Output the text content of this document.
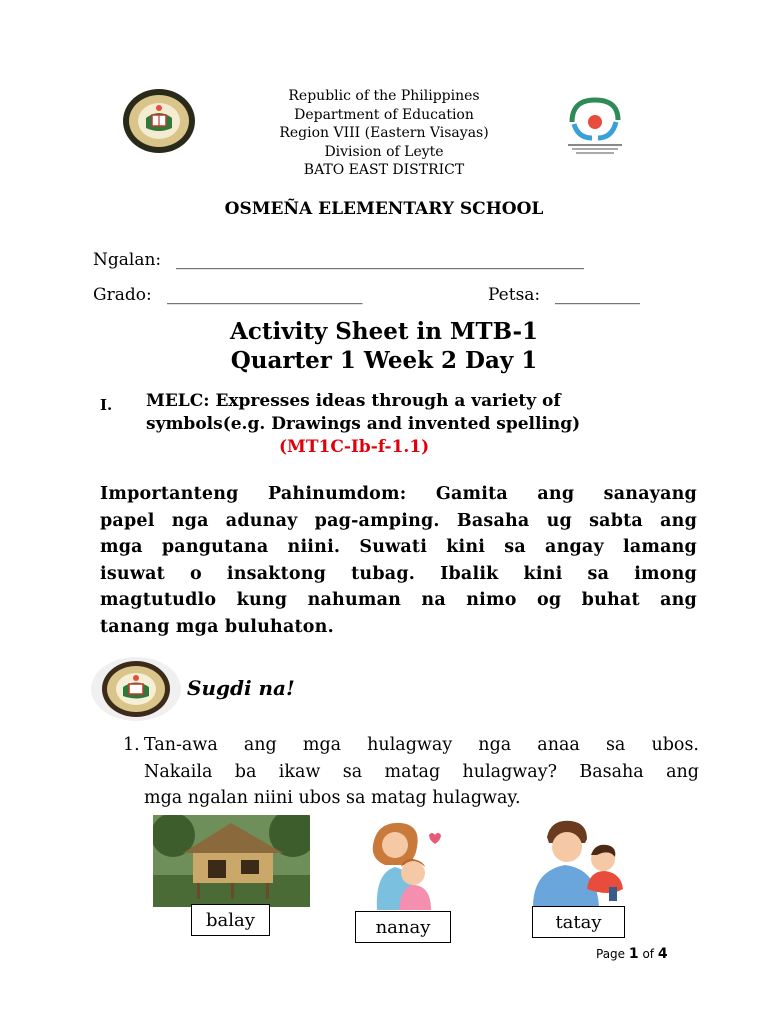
Republic of the Philippines
Department of Education
Region VIII (Eastern Visayas)
Division of Leyte
BATO EAST DISTRICT
OSMEÑA ELEMENTARY SCHOOL
Ngalan: ________________________________________________
Grado: _______________________	Petsa: __________
Activity Sheet in MTB-1
Quarter 1 Week 2 Day 1
I. MELC: Expresses ideas through a variety of
symbols(e.g. Drawings and invented spelling)
(MT1C-Ib-f-1.1)
Importanteng Pahinumdom: Gamita ang sanayang
papel nga adunay pag-amping. Basaha ug sabta ang
mga pangutana niini. Suwati kini sa angay lamang
isuwat o insaktong tubag. Ibalik kini sa imong
magtutudlo kung nahuman na nimo og buhat ang
tanang mga buluhaton.
Sugdi na!
1. Tan-awa ang mga hulagway nga anaa sa ubos.
Nakaila ba ikaw sa matag hulagway? Basaha ang
mga ngalan niini ubos sa matag hulagway.
balay	nanay	tatay
Page 1 of 4
